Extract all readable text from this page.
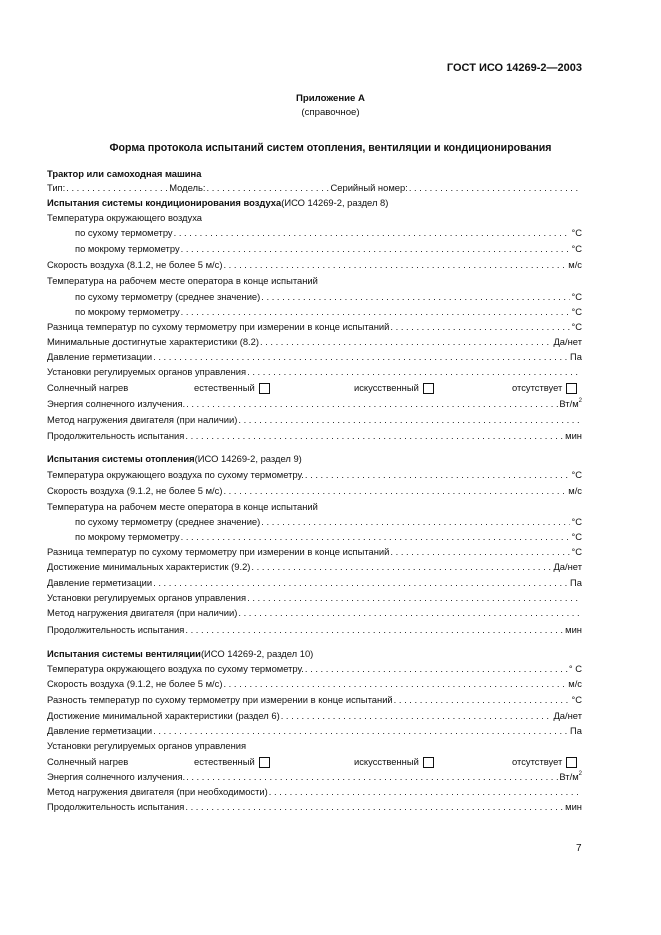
ГОСТ ИСО 14269-2—2003
Приложение А
(справочное)
Форма протокола испытаний систем отопления, вентиляции и кондиционирования
Трактор или самоходная машина
Тип: . . .	Модель: . . .	Серийный номер:
. . .
Испытания системы кондиционирования воздуха (ИСО 14269-2, раздел 8)
Температура окружающего воздуха
по сухому термометру . . .	°C
по мокрому термометру . . .	°C
Скорость воздуха (8.1.2, не более 5 м/с) . . .	м/с
Температура на рабочем месте оператора в конце испытаний
по сухому термометру (среднее значение) . . .	°C
по мокрому термометру . . .	°C
Разница температур по сухому термометру при измерении в конце испытаний . . .	°C
Минимальные достигнутые характеристики (8.2) . . .	Да/нет
Давление герметизации . . .	Па
Установки регулируемых органов управления
. . .
Солнечный нагрев	естественный	искусственный	отсутствует
Энергия солнечного излучения. . . .	$Вт/м^2$
Метод нагружения двигателя (при наличии)
. . .
Продолжительность испытания . . .	мин
Испытания системы отопления (ИСО 14269-2, раздел 9)
Температура окружающего воздуха по сухому термометру. . . .	°C
Скорость воздуха (9.1.2, не более 5 м/с) . . .	м/с
Температура на рабочем месте оператора в конце испытаний
по сухому термометру (среднее значение) . . .	°C
по мокрому термометру . . .	°C
Разница температур по сухому термометру при измерении в конце испытаний . . .	°C
Достижение минимальных характеристик (9.2) . . .	Да/нет
Давление герметизации . . .	Па
Установки регулируемых органов управления
. . .
Метод нагружения двигателя (при наличии)
. . .
Продолжительность испытания . . .	мин
Испытания системы вентиляции (ИСО 14269-2, раздел 10)
Температура окружающего воздуха по сухому термометру. . . .	° С
Скорость воздуха (9.1.2, не более 5 м/с) . . .	м/с
Разность температур по сухому термометру при измерении в конце испытаний . . .	°C
Достижение минимальной характеристики (раздел 6) . . .	Да/нет
Давление герметизации . . .	Па
Установки регулируемых органов управления
Солнечный нагрев	естественный	искусственный	отсутствует
Энергия солнечного излучения. . . .	$Вт/м^2$
Метод нагружения двигателя (при необходимости)
. . .
Продолжительность испытания . . .	мин
7
